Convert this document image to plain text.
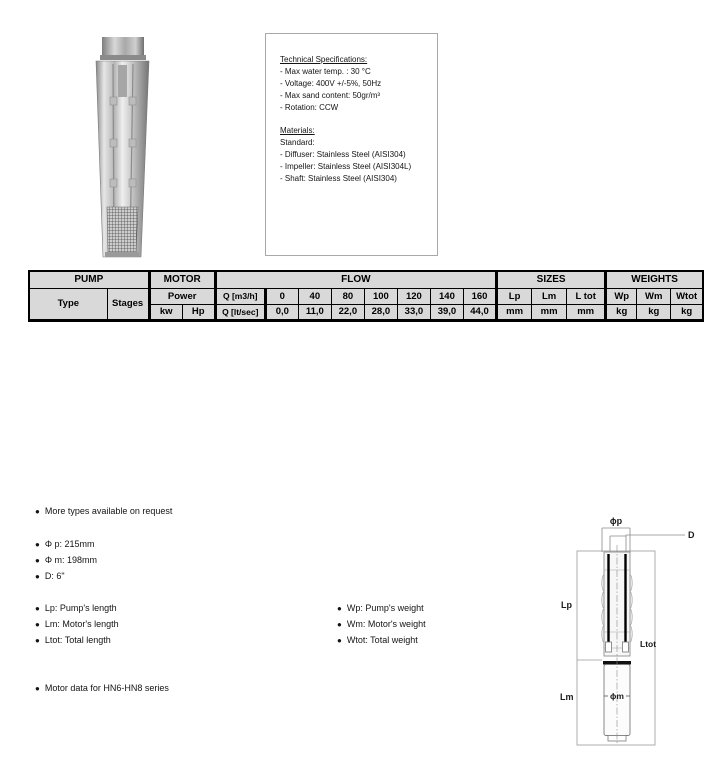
Technical Specifications:
- Max water temp. : 30 °C
- Voltage: 400V +/-5%, 50Hz
- Max sand content: 50gr/m³
- Rotation: CCW
Materials:
Standard:
- Diffuser: Stainless Steel (AISI304)
- Impeller: Stainless Steel (AISI304L)
- Shaft: Stainless Steel (AISI304)
PUMP		MOTOR		FLOW								SIZES			WEIGHTS		
Type	Stages	Power		Q [m3/h]	0	40	80	100	120	140	160	Lp	Lm	L tot	Wp	Wm	Wtot
		kw	Hp	Q [lt/sec]	0,0	11,0	22,0	28,0	33,0	39,0	44,0	mm	mm	mm	kg	kg	kg
● More types available on request
● Φ p: 215mm
● Φ m: 198mm
● D: 6"
● Lp: Pump's length
● Lm: Motor's length
● Ltot: Total length
● Wp: Pump's weight
● Wm: Motor's weight
● Wtot: Total weight
● Motor data for HN6-HN8 series
ϕp
D
ϕm
Lp
Ltot
Lm
